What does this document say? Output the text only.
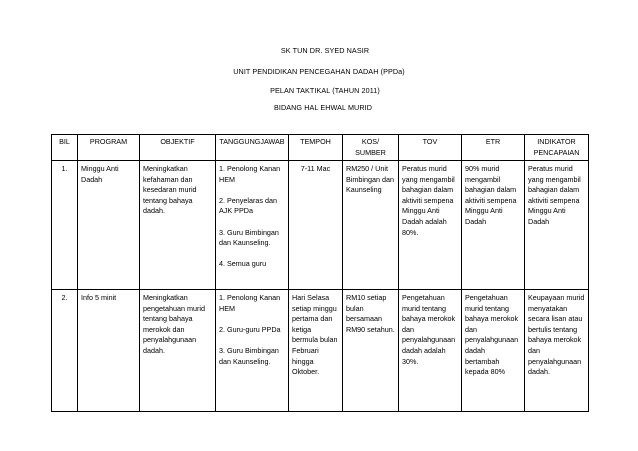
SK TUN DR. SYED NASIR
UNIT PENDIDIKAN PENCEGAHAN DADAH (PPDa)
PELAN TAKTIKAL (TAHUN 2011)
BIDANG HAL EHWAL MURID
BIL	PROGRAM	OBJEKTIF	TANGGUNGJAWAB	TEMPOH	KOS/ SUMBER	TOV	ETR	INDIKATOR PENCAPAIAN
1.	Minggu Anti Dadah	Meningkatkan kefahaman dan kesedaran murid tentang bahaya dadah.	1. Penolong Kanan HEM
2. Penyelaras dan AJK PPDa
3. Guru Bimbingan dan Kaunseling.
4. Semua guru	7-11 Mac	RM250 / Unit Bimbingan dan Kaunseling	Peratus murid yang mengambil bahagian dalam aktiviti sempena Minggu Anti Dadah adalah 80%.	90% murid mengambil bahagian dalam aktiviti sempena Minggu Anti Dadah	Peratus murid yang mengambil bahagian dalam aktiviti sempena Minggu Anti Dadah
2.	Info 5 minit	Meningkatkan pengetahuan murid tentang bahaya merokok dan penyalahgunaan dadah.	1. Penolong Kanan HEM
2. Guru-guru PPDa
3. Guru Bimbingan dan Kaunseling.	Hari Selasa setiap minggu pertama dan ketiga bermula bulan Februari hingga Oktober.	RM10 setiap bulan bersamaan RM90 setahun.	Pengetahuan murid tentang bahaya merokok dan penyalahgunaan dadah adalah 30%.	Pengetahuan murid tentang bahaya merokok dan penyalahgunaan dadah bertambah kepada 80%	Keupayaan murid menyatakan secara lisan atau bertulis tentang bahaya merokok dan penyalahgunaan dadah.
